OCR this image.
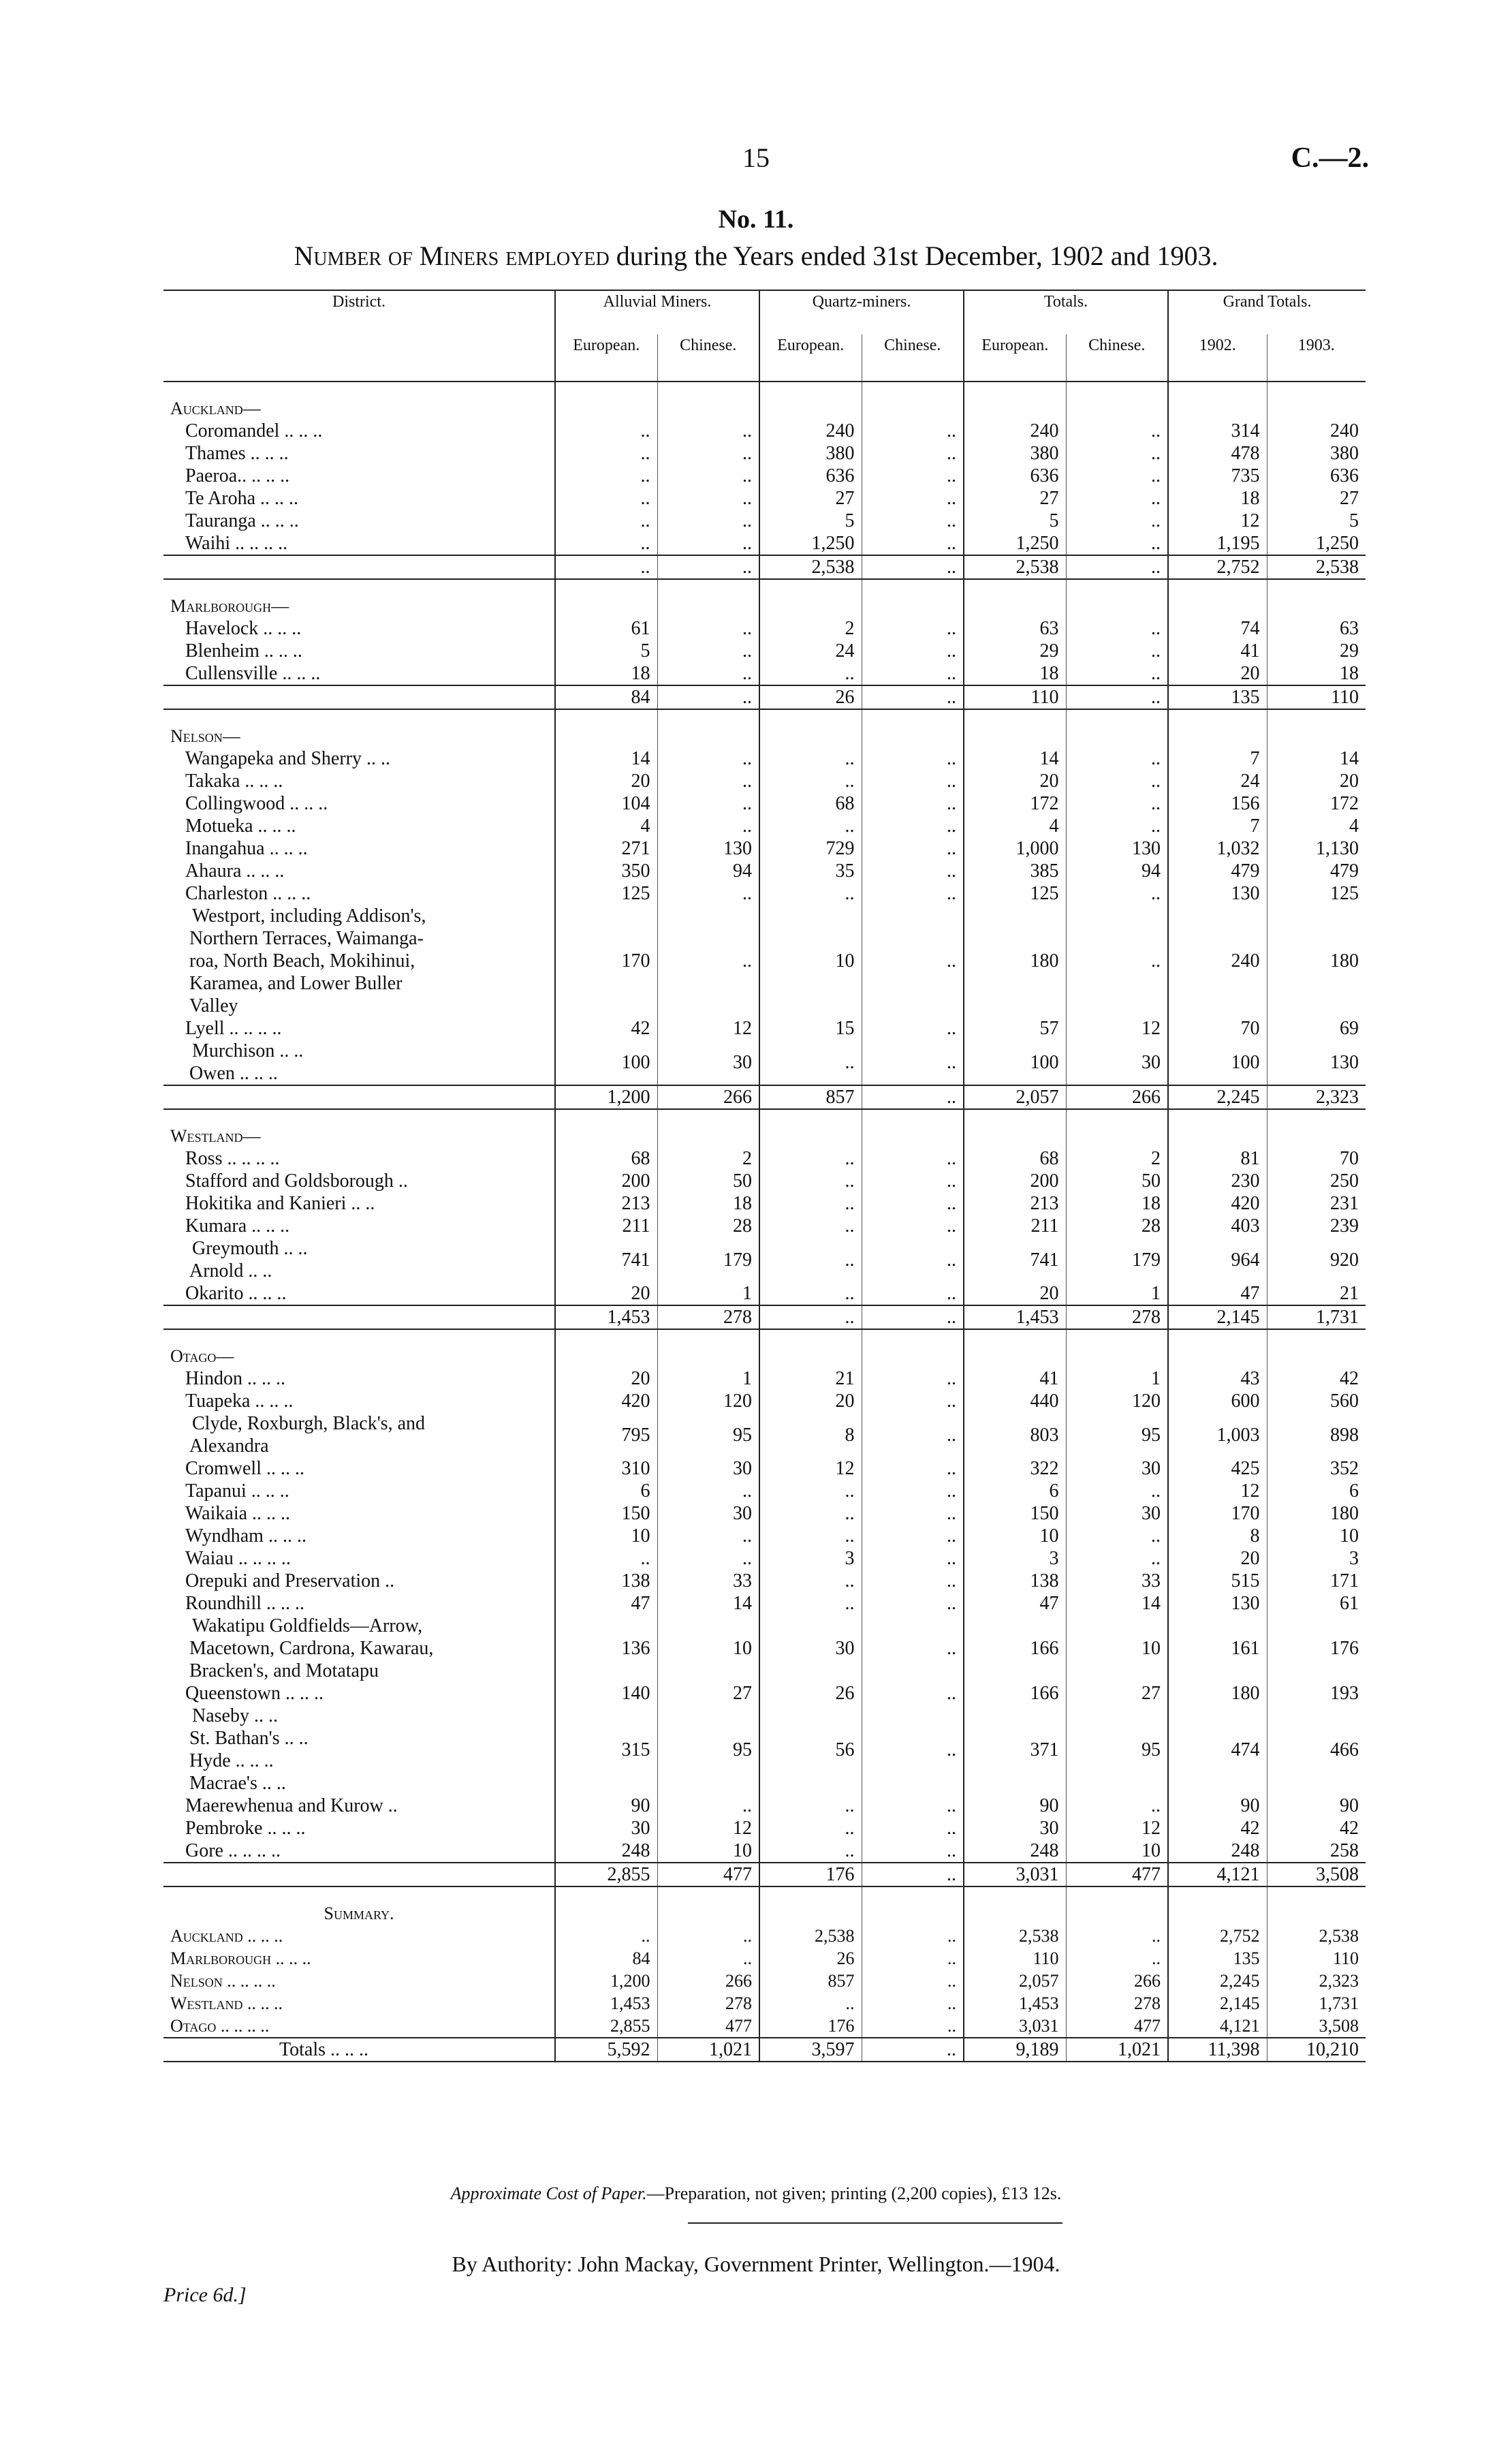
15	C.—2.
No. 11.
Number of Miners employed during the Years ended 31st December, 1902 and 1903.
District.	Alluvial Miners.		Quartz-miners.		Totals.		Grand Totals.	
	European.	Chinese.	European.	Chinese.	European.	Chinese.	1902.	1903.

Auckland—								
Coromandel .. .. ..	..	..	240	..	240	..	314	240
Thames .. .. ..	..	..	380	..	380	..	478	380
Paeroa.. .. .. ..	..	..	636	..	636	..	735	636
Te Aroha .. .. ..	..	..	27	..	27	..	18	27
Tauranga .. .. ..	..	..	5	..	5	..	12	5
Waihi .. .. .. ..	..	..	1,250	..	1,250	..	1,195	1,250
	..	..	2,538	..	2,538	..	2,752	2,538

Marlborough—								
Havelock .. .. ..	61	..	2	..	63	..	74	63
Blenheim .. .. ..	5	..	24	..	29	..	41	29
Cullensville .. .. ..	18	..	..	..	18	..	20	18
	84	..	26	..	110	..	135	110

Nelson—								
Wangapeka and Sherry .. ..	14	..	..	..	14	..	7	14
Takaka .. .. ..	20	..	..	..	20	..	24	20
Collingwood .. .. ..	104	..	68	..	172	..	156	172
Motueka .. .. ..	4	..	..	..	4	..	7	4
Inangahua .. .. ..	271	130	729	..	1,000	130	1,032	1,130
Ahaura .. .. ..	350	94	35	..	385	94	479	479
Charleston .. .. ..	125	..	..	..	125	..	130	125

Westport, including Addison's,
Northern Terraces, Waimanga-
roa, North Beach, Mokihinui,
Karamea, and Lower Buller
Valley	170	..	10	..	180	..	240	180
Lyell .. .. .. ..	42	12	15	..	57	12	70	69

Murchison .. ..
Owen .. .. ..	100	30	..	..	100	30	100	130
	1,200	266	857	..	2,057	266	2,245	2,323

Westland—								
Ross .. .. .. ..	68	2	..	..	68	2	81	70
Stafford and Goldsborough ..	200	50	..	..	200	50	230	250
Hokitika and Kanieri .. ..	213	18	..	..	213	18	420	231
Kumara .. .. ..	211	28	..	..	211	28	403	239

Greymouth .. ..
Arnold .. ..	741	179	..	..	741	179	964	920
Okarito .. .. ..	20	1	..	..	20	1	47	21
	1,453	278	..	..	1,453	278	2,145	1,731

Otago—								
Hindon .. .. ..	20	1	21	..	41	1	43	42
Tuapeka .. .. ..	420	120	20	..	440	120	600	560

Clyde, Roxburgh, Black's, and
Alexandra	795	95	8	..	803	95	1,003	898
Cromwell .. .. ..	310	30	12	..	322	30	425	352
Tapanui .. .. ..	6	..	..	..	6	..	12	6
Waikaia .. .. ..	150	30	..	..	150	30	170	180
Wyndham .. .. ..	10	..	..	..	10	..	8	10
Waiau .. .. .. ..	..	..	3	..	3	..	20	3
Orepuki and Preservation ..	138	33	..	..	138	33	515	171
Roundhill .. .. ..	47	14	..	..	47	14	130	61

Wakatipu Goldfields—Arrow,
Macetown, Cardrona, Kawarau,
Bracken's, and Motatapu	136	10	30	..	166	10	161	176
Queenstown .. .. ..	140	27	26	..	166	27	180	193

Naseby .. ..
St. Bathan's .. ..
Hyde .. .. ..
Macrae's .. ..	315	95	56	..	371	95	474	466
Maerewhenua and Kurow ..	90	..	..	..	90	..	90	90
Pembroke .. .. ..	30	12	..	..	30	12	42	42
Gore .. .. .. ..	248	10	..	..	248	10	248	258
	2,855	477	176	..	3,031	477	4,121	3,508

Summary.								
Auckland .. .. ..	..	..	2,538	..	2,538	..	2,752	2,538
Marlborough .. .. ..	84	..	26	..	110	..	135	110
Nelson .. .. .. ..	1,200	266	857	..	2,057	266	2,245	2,323
Westland .. .. ..	1,453	278	..	..	1,453	278	2,145	1,731
Otago .. .. .. ..	2,855	477	176	..	3,031	477	4,121	3,508
Totals .. .. ..	5,592	1,021	3,597	..	9,189	1,021	11,398	10,210
Approximate Cost of Paper.—Preparation, not given; printing (2,200 copies), £13 12s.
By Authority: John Mackay, Government Printer, Wellington.—1904.
Price 6d.]
